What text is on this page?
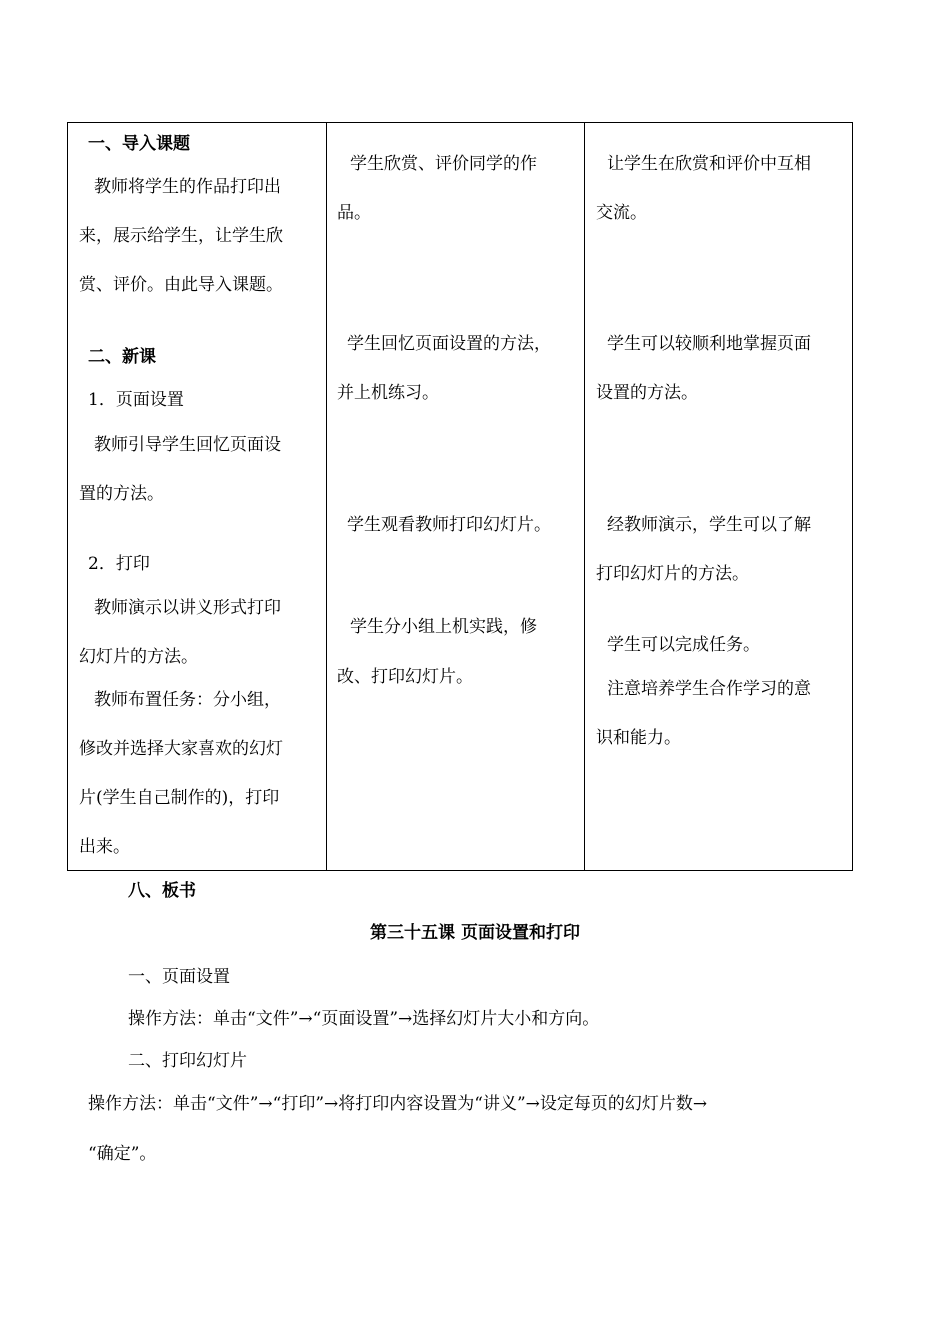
一、导入课题
教师将学生的作品打印出
来，展示给学生，让学生欣
赏、评价。由此导入课题。
二、新课
1．页面设置
教师引导学生回忆页面设
置的方法。
2．打印
教师演示以讲义形式打印
幻灯片的方法。
教师布置任务：分小组，
修改并选择大家喜欢的幻灯
片(学生自己制作的)，打印
出来。
学生欣赏、评价同学的作
品。
学生回忆页面设置的方法，
并上机练习。
学生观看教师打印幻灯片。
学生分小组上机实践，修
改、打印幻灯片。
让学生在欣赏和评价中互相
交流。
学生可以较顺利地掌握页面
设置的方法。
经教师演示，学生可以了解
打印幻灯片的方法。
学生可以完成任务。
注意培养学生合作学习的意
识和能力。
八、板书
第三十五课 页面设置和打印
一、页面设置
操作方法：单击“文件”→“页面设置”→选择幻灯片大小和方向。
二、打印幻灯片
操作方法：单击“文件”→“打印”→将打印内容设置为“讲义”→设定每页的幻灯片数→
“确定”。
